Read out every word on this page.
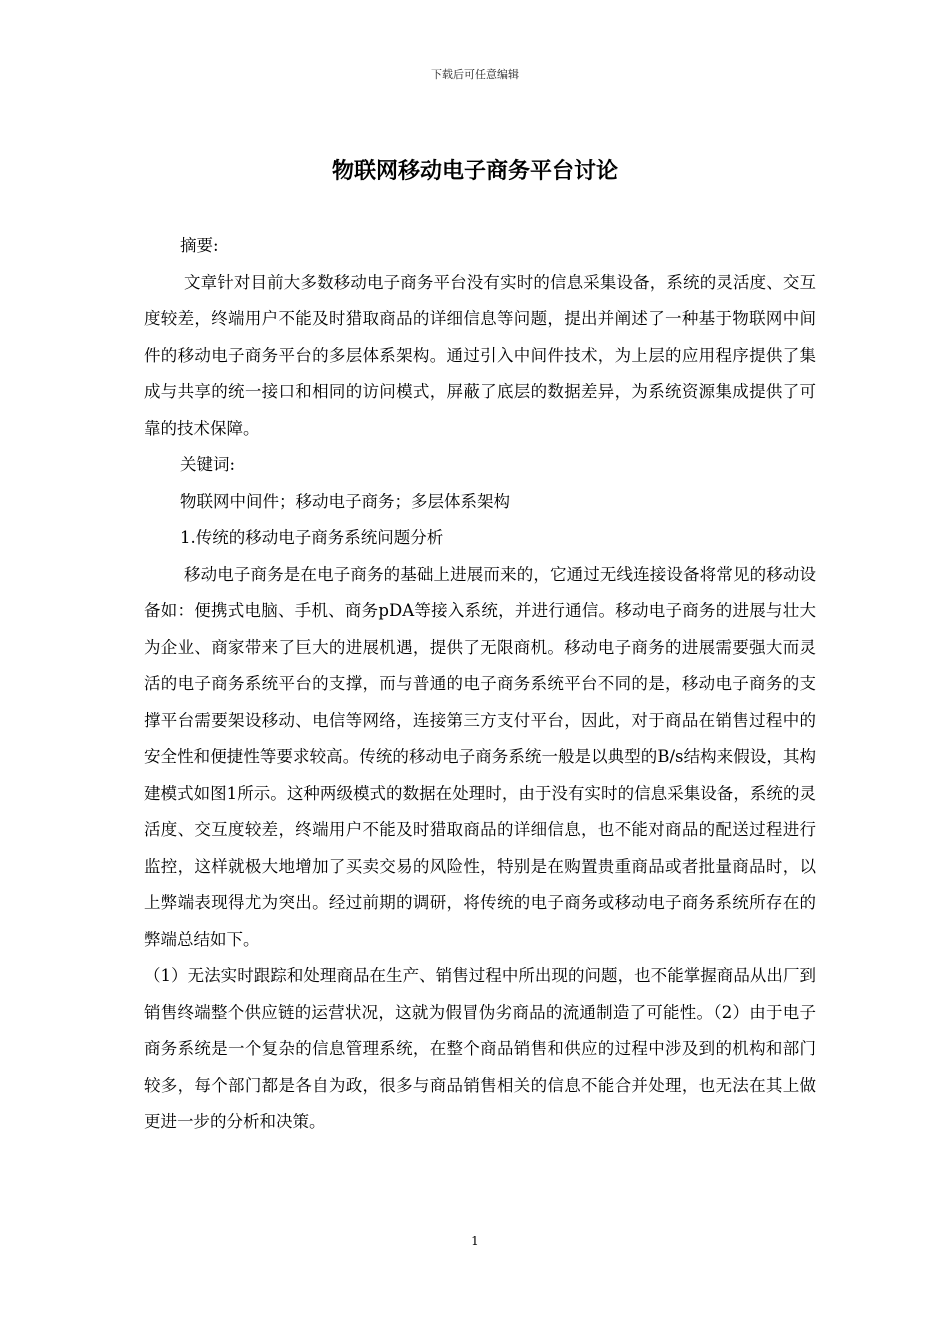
下载后可任意编辑
物联网移动电子商务平台讨论

摘要:

文章针对目前大多数移动电子商务平台没有实时的信息采集设备，系统的灵活度、交互度较差，终端用户不能及时猎取商品的详细信息等问题，提出并阐述了一种基于物联网中间件的移动电子商务平台的多层体系架构。通过引入中间件技术，为上层的应用程序提供了集成与共享的统一接口和相同的访问模式，屏蔽了底层的数据差异，为系统资源集成提供了可靠的技术保障。

关键词:

物联网中间件；移动电子商务；多层体系架构

1.传统的移动电子商务系统问题分析

移动电子商务是在电子商务的基础上进展而来的，它通过无线连接设备将常见的移动设备如：便携式电脑、手机、商务pDA等接入系统，并进行通信。移动电子商务的进展与壮大为企业、商家带来了巨大的进展机遇，提供了无限商机。移动电子商务的进展需要强大而灵活的电子商务系统平台的支撑，而与普通的电子商务系统平台不同的是，移动电子商务的支撑平台需要架设移动、电信等网络，连接第三方支付平台，因此，对于商品在销售过程中的安全性和便捷性等要求较高。传统的移动电子商务系统一般是以典型的B/s结构来假设，其构建模式如图1所示。这种两级模式的数据在处理时，由于没有实时的信息采集设备，系统的灵活度、交互度较差，终端用户不能及时猎取商品的详细信息，也不能对商品的配送过程进行监控，这样就极大地增加了买卖交易的风险性，特别是在购置贵重商品或者批量商品时，以上弊端表现得尤为突出。经过前期的调研，将传统的电子商务或移动电子商务系统所存在的弊端总结如下。

（1）无法实时跟踪和处理商品在生产、销售过程中所出现的问题，也不能掌握商品从出厂到销售终端整个供应链的运营状况，这就为假冒伪劣商品的流通制造了可能性。（2）由于电子商务系统是一个复杂的信息管理系统，在整个商品销售和供应的过程中涉及到的机构和部门较多，每个部门都是各自为政，很多与商品销售相关的信息不能合并处理，也无法在其上做更进一步的分析和决策。

1
